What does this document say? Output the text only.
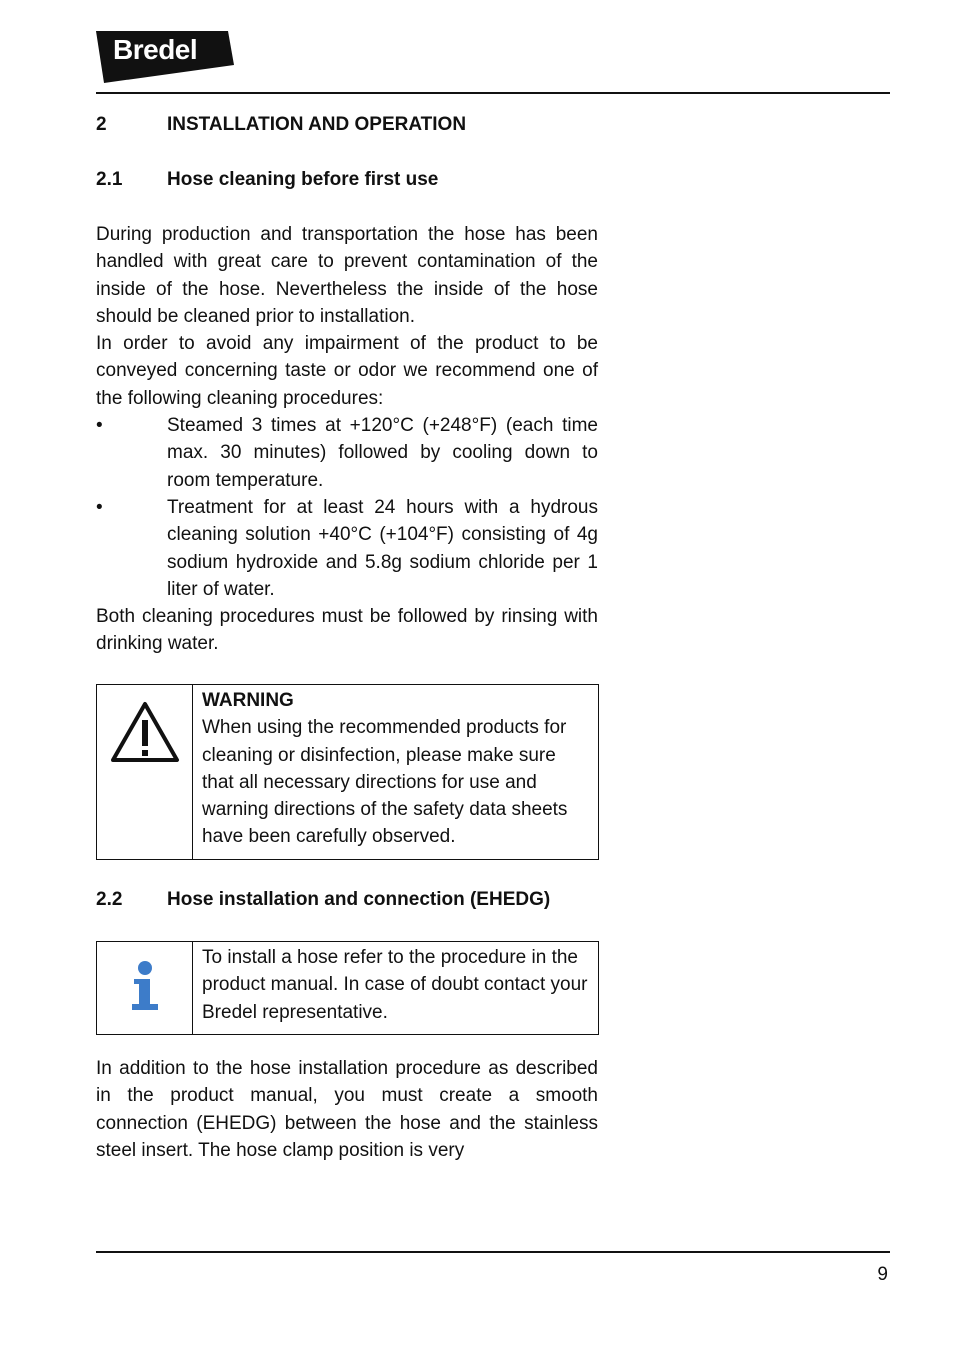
Bredel
2	INSTALLATION AND OPERATION
2.1 Hose cleaning before first use

During production and transportation the hose has been handled with great care to prevent contamination of the inside of the hose. Nevertheless the inside of the hose should be cleaned prior to installation.

In order to avoid any impairment of the product to be conveyed concerning taste or odor we recommend one of the following cleaning procedures:

•	Steamed 3 times at +120°C (+248°F) (each time max. 30 minutes) followed by cooling down to room temperature.
•	Treatment for at least 24 hours with a hydrous cleaning solution +40°C (+104°F) consisting of 4g sodium hydroxide and 5.8g sodium chloride per 1 liter of water.

Both cleaning procedures must be followed by rinsing with drinking water.

WARNING
When using the recommended products for cleaning or disinfection, please make sure that all necessary directions for use and warning directions of the safety data sheets have been carefully observed.
2.2 Hose installation and connection (EHEDG)
To install a hose refer to the procedure in the product manual. In case of doubt contact your Bredel representative.

In addition to the hose installation procedure as described in the product manual, you must create a smooth connection (EHEDG) between the hose and the stainless steel insert. The hose clamp position is very

9
